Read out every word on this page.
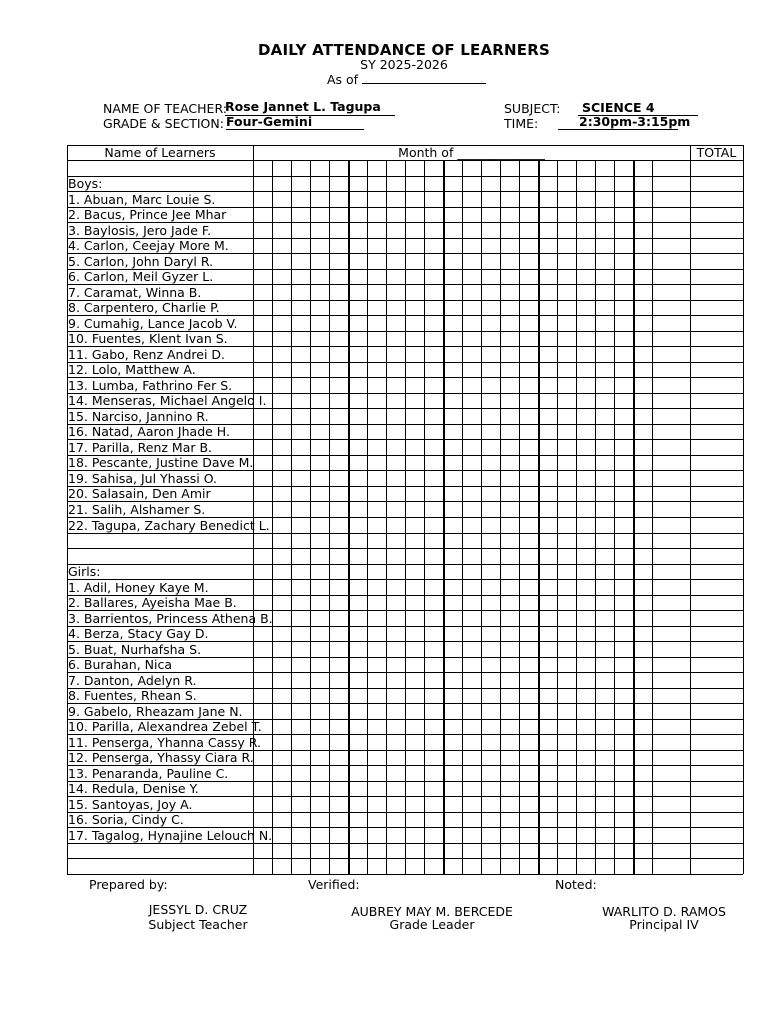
DAILY ATTENDANCE OF LEARNERS
SY 2025-2026
As of
NAME OF TEACHER:
Rose Jannet L. Tagupa
GRADE & SECTION: Four-Gemini
SUBJECT: SCIENCE 4
TIME:	2:30pm-3:15pm
Name of Learners	Month of ______________	TOTAL
Boys:
1. Abuan, Marc Louie S.
2. Bacus, Prince Jee Mhar
3. Baylosis, Jero Jade F.
4. Carlon, Ceejay More M.
5. Carlon, John Daryl R.
6. Carlon, Meil Gyzer L.
7. Caramat, Winna B.
8. Carpentero, Charlie P.
9. Cumahig, Lance Jacob V.
10. Fuentes, Klent Ivan S.
11. Gabo, Renz Andrei D.
12. Lolo, Matthew A.
13. Lumba, Fathrino Fer S.
14. Menseras, Michael Angelo I.
15. Narciso, Jannino R.
16. Natad, Aaron Jhade H.
17. Parilla, Renz Mar B.
18. Pescante, Justine Dave M.
19. Sahisa, Jul Yhassi O.
20. Salasain, Den Amir
21. Salih, Alshamer S.
22. Tagupa, Zachary Benedict L.
Girls:
1. Adil, Honey Kaye M.
2. Ballares, Ayeisha Mae B.
3. Barrientos, Princess Athena B.
4. Berza, Stacy Gay D.
5. Buat, Nurhafsha S.
6. Burahan, Nica
7. Danton, Adelyn R.
8. Fuentes, Rhean S.
9. Gabelo, Rheazam Jane N.
10. Parilla, Alexandrea Zebel T.
11. Penserga, Yhanna Cassy R.
12. Penserga, Yhassy Ciara R.
13. Penaranda, Pauline C.
14. Redula, Denise Y.
15. Santoyas, Joy A.
16. Soria, Cindy C.
17. Tagalog, Hynajine Lelouch N.
Prepared by:	Verified:	Noted:
JESSYL D. CRUZ
Subject Teacher
AUBREY MAY M. BERCEDE
Grade Leader
WARLITO D. RAMOS
Principal IV
